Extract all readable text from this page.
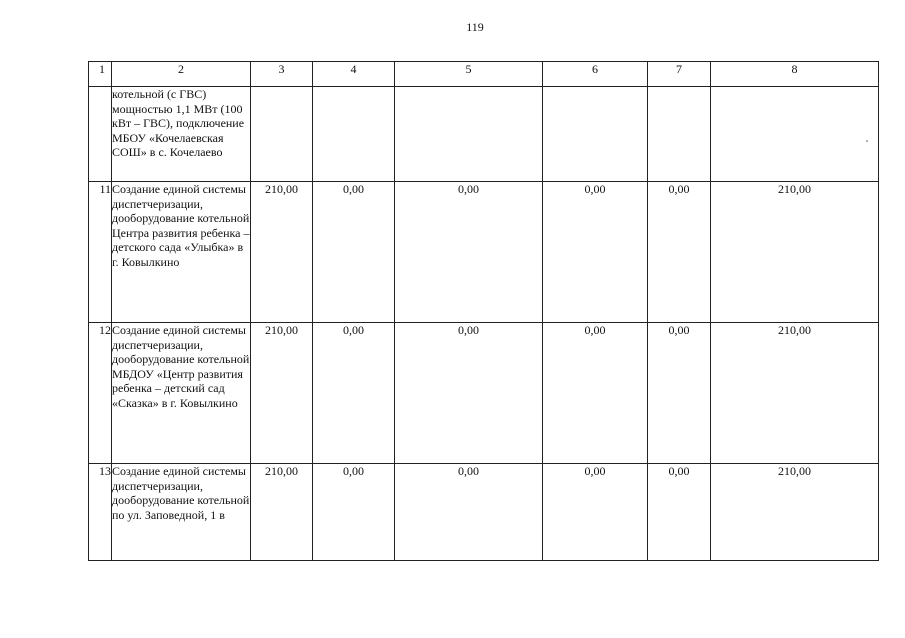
119
1	2	3	4	5	6	7	8
	котельной (с ГВС) мощностью 1,1 МВт (100 кВт – ГВС), подключение МБОУ «Кочелаевская СОШ» в с. Кочелаево						
11	Создание единой системы диспетчеризации, дооборудование котельной Центра развития ребенка – детского сада «Улыбка» в г. Ковылкино	210,00	0,00	0,00	0,00	0,00	210,00
12	Создание единой системы диспетчеризации, дооборудование котельной МБДОУ «Центр развития ребенка – детский сад «Сказка» в г. Ковылкино	210,00	0,00	0,00	0,00	0,00	210,00
13	Создание единой системы диспетчеризации, дооборудование котельной по ул. Заповедной, 1 в	210,00	0,00	0,00	0,00	0,00	210,00
